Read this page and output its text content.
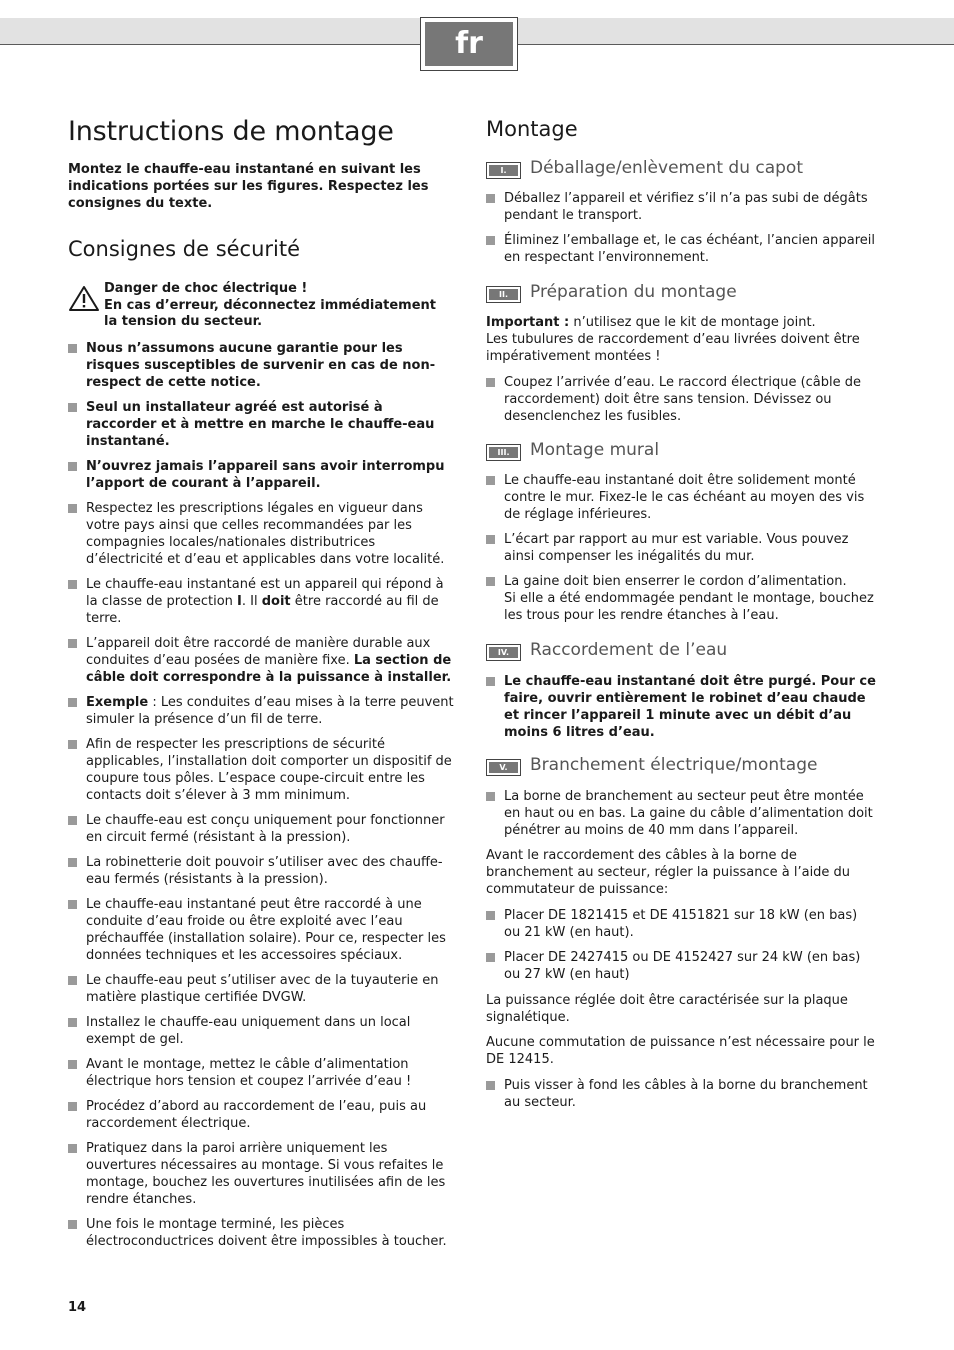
fr
Instructions de montage
Montez le chauffe-eau instantané en suivant les indications portées sur les figures. Respectez les consignes du texte.
Consignes de sécurité
Danger de choc électrique !
En cas d’erreur, déconnectez immédiatement la tension du secteur.
Nous n’assumons aucune garantie pour les risques susceptibles de survenir en cas de non-respect de cette notice.
Seul un installateur agréé est autorisé à raccorder et à mettre en marche le chauffe-eau instantané.
N’ouvrez jamais l’appareil sans avoir interrompu l’apport de courant à l’appareil.
Respectez les prescriptions légales en vigueur dans votre pays ainsi que celles recommandées par les compagnies locales/nationales distributrices d’électricité et d’eau et applicables dans votre localité.
Le chauffe-eau instantané est un appareil qui répond à la classe de protection I. Il doit être raccordé au fil de terre.
L’appareil doit être raccordé de manière durable aux conduites d’eau posées de manière fixe. La section de câble doit correspondre à la puissance à installer.
Exemple : Les conduites d’eau mises à la terre peuvent simuler la présence d’un fil de terre.
Afin de respecter les prescriptions de sécurité applicables, l’installation doit comporter un dispositif de coupure tous pôles. L’espace coupe-circuit entre les contacts doit s’élever à 3 mm minimum.
Le chauffe-eau est conçu uniquement pour fonctionner en circuit fermé (résistant à la pression).
La robinetterie doit pouvoir s’utiliser avec des chauffe-eau fermés (résistants à la pression).
Le chauffe-eau instantané peut être raccordé à une conduite d’eau froide ou être exploité avec l’eau préchauffée (installation solaire). Pour ce, respecter les données techniques et les accessoires spéciaux.
Le chauffe-eau peut s’utiliser avec de la tuyauterie en matière plastique certifiée DVGW.
Installez le chauffe-eau uniquement dans un local exempt de gel.
Avant le montage, mettez le câble d’alimentation électrique hors tension et coupez l’arrivée d’eau !
Procédez d’abord au raccordement de l’eau, puis au raccordement électrique.
Pratiquez dans la paroi arrière uniquement les ouvertures nécessaires au montage. Si vous refaites le montage, bouchez les ouvertures inutilisées afin de les rendre étanches.
Une fois le montage terminé, les pièces électroconductrices doivent être impossibles à toucher.
Montage
I.	Déballage/enlèvement du capot
Déballez l’appareil et vérifiez s’il n’a pas subi de dégâts pendant le transport.
Éliminez l’emballage et, le cas échéant, l’ancien appareil en respectant l’environnement.
II.	Préparation du montage
Important : n’utilisez que le kit de montage joint.
Les tubulures de raccordement d’eau livrées doivent être impérativement montées !
Coupez l’arrivée d’eau. Le raccord électrique (câble de raccordement) doit être sans tension. Dévissez ou desenclenchez les fusibles.
III.	Montage mural
Le chauffe-eau instantané doit être solidement monté contre le mur. Fixez-le le cas échéant au moyen des vis de réglage inférieures.
L’écart par rapport au mur est variable. Vous pouvez ainsi compenser les inégalités du mur.
La gaine doit bien enserrer le cordon d’alimentation.
Si elle a été endommagée pendant le montage, bouchez les trous pour les rendre étanches à l’eau.
IV.	Raccordement de l’eau
Le chauffe-eau instantané doit être purgé. Pour ce faire, ouvrir entièrement le robinet d’eau chaude et rincer l’appareil 1 minute avec un débit d’au moins 6 litres d’eau.
V.	Branchement électrique/montage
La borne de branchement au secteur peut être montée en haut ou en bas. La gaine du câble d’alimentation doit pénétrer au moins de 40 mm dans l’appareil.
Avant le raccordement des câbles à la borne de branchement au secteur, régler la puissance à l’aide du commutateur de puissance:
Placer DE 1821415 et DE 4151821 sur 18 kW (en bas) ou 21 kW (en haut).
Placer DE 2427415 ou DE 4152427 sur 24 kW (en bas) ou 27 kW (en haut)
La puissance réglée doit être caractérisée sur la plaque signalétique.
Aucune commutation de puissance n’est nécessaire pour le DE 12415.
Puis visser à fond les câbles à la borne du branchement au secteur.
14
